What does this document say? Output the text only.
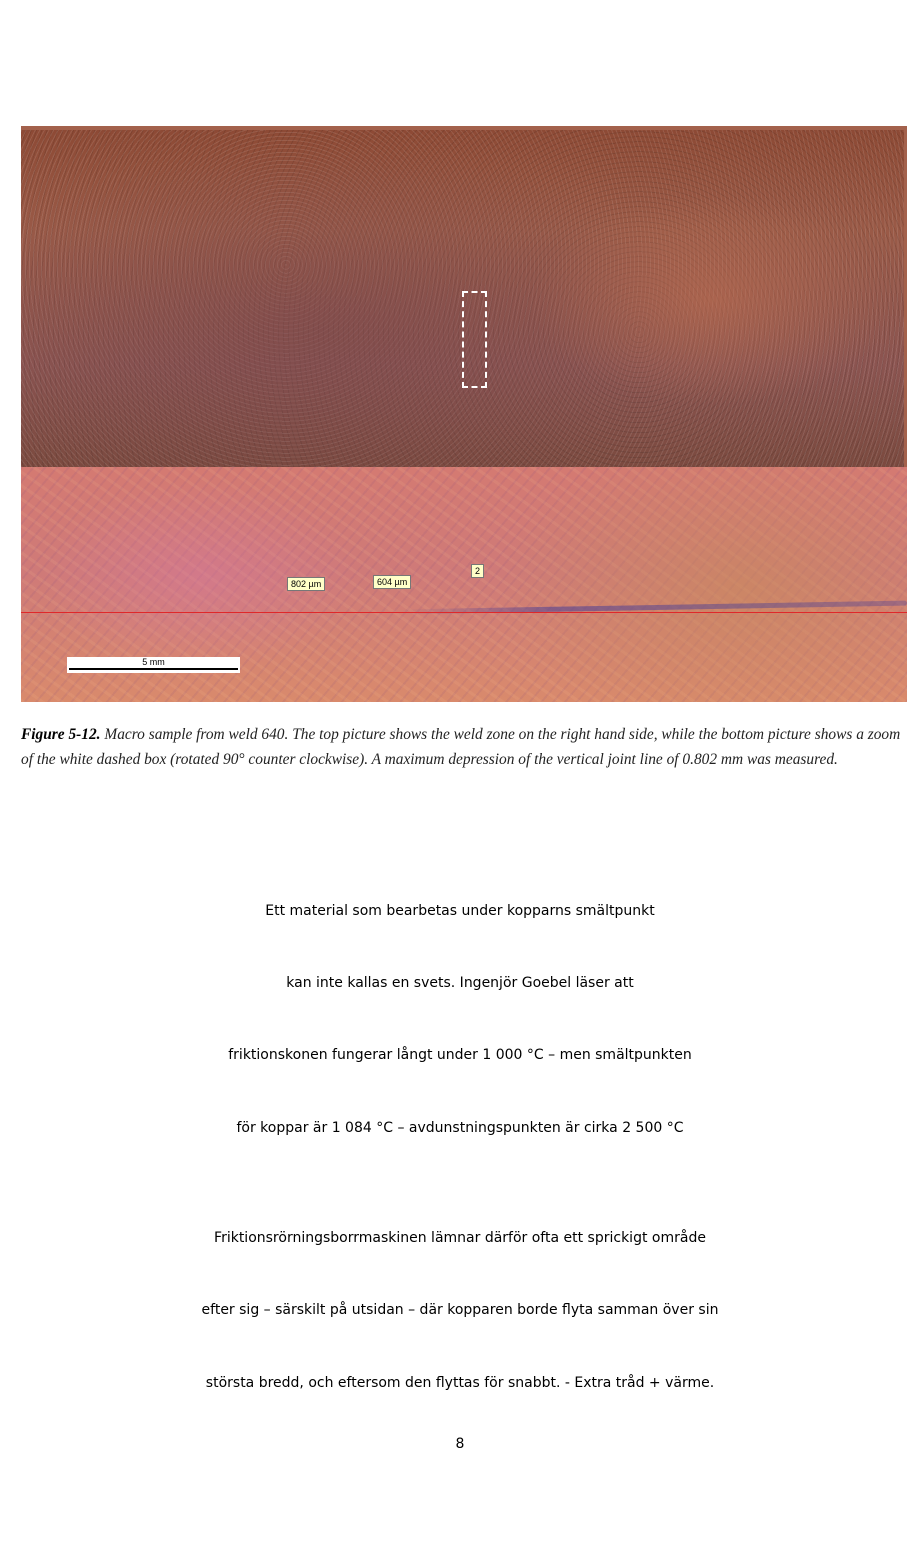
802 µm	604 µm
2
5 mm

Figure 5-12. Macro sample from weld 640. The top picture shows the weld zone on the right hand side, while the bottom picture shows a zoom of the white dashed box (rotated 90° counter clockwise). A maximum depression of the vertical joint line of 0.802 mm was measured.

Ett material som bearbetas under kopparns smältpunkt
kan inte kallas en svets. Ingenjör Goebel läser att
friktionskonen fungerar långt under 1 000 °C – men smältpunkten
för koppar är 1 084 °C – avdunstningspunkten är cirka 2 500 °C
Friktionsrörningsborrmaskinen lämnar därför ofta ett sprickigt område
efter sig – särskilt på utsidan – där kopparen borde flyta samman över sin
största bredd, och eftersom den flyttas för snabbt. - Extra tråd + värme.
8
